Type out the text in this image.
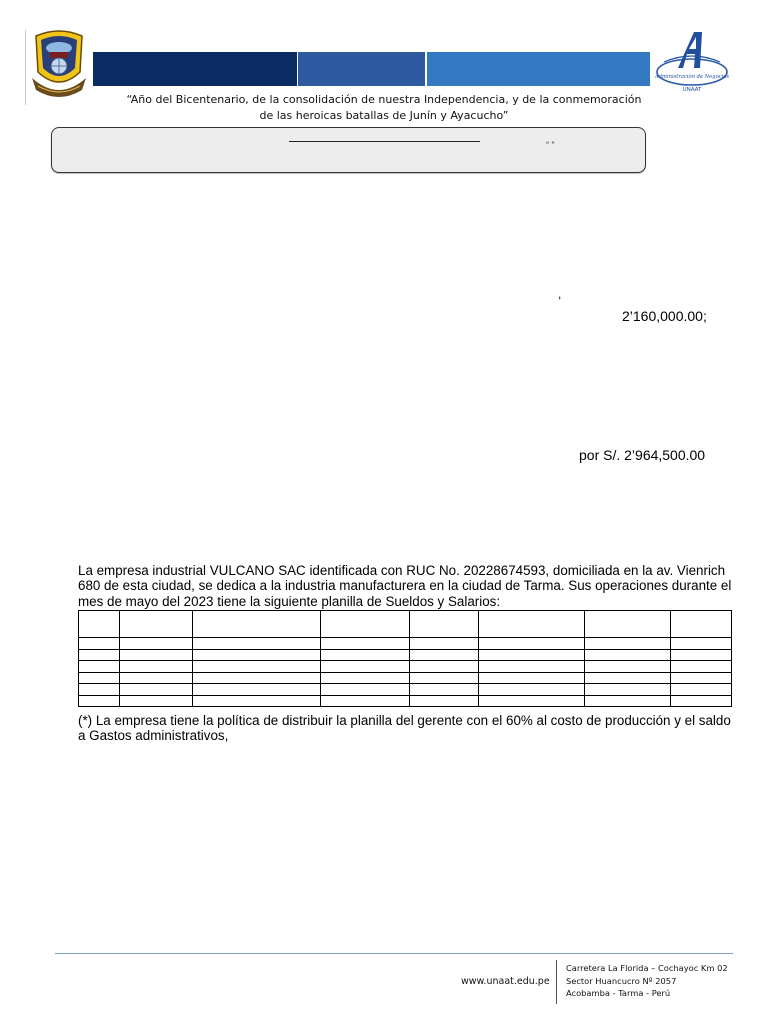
Administración de Negocios
UNAAT
“Año del Bicentenario, de la consolidación de nuestra Independencia, y de la conmemoración
de las heroicas batallas de Junín y Ayacucho”
“ ”
,
2’160,000.00;
por S/. 2’964,500.00

La empresa industrial VULCANO SAC identificada con RUC No. 20228674593, domiciliada en la av. Vienrich 680 de esta ciudad, se dedica a la industria manufacturera en la ciudad de Tarma. Sus operaciones durante el mes de mayo del 2023 tiene la siguiente planilla de Sueldos y Salarios:

(*) La empresa tiene la política de distribuir la planilla del gerente con el 60% al costo de producción y el saldo a Gastos administrativos,

www.unaat.edu.pe
Carretera La Florida – Cochayoc Km 02
Sector Huancucro Nº 2057
Acobamba - Tarma - Perú
